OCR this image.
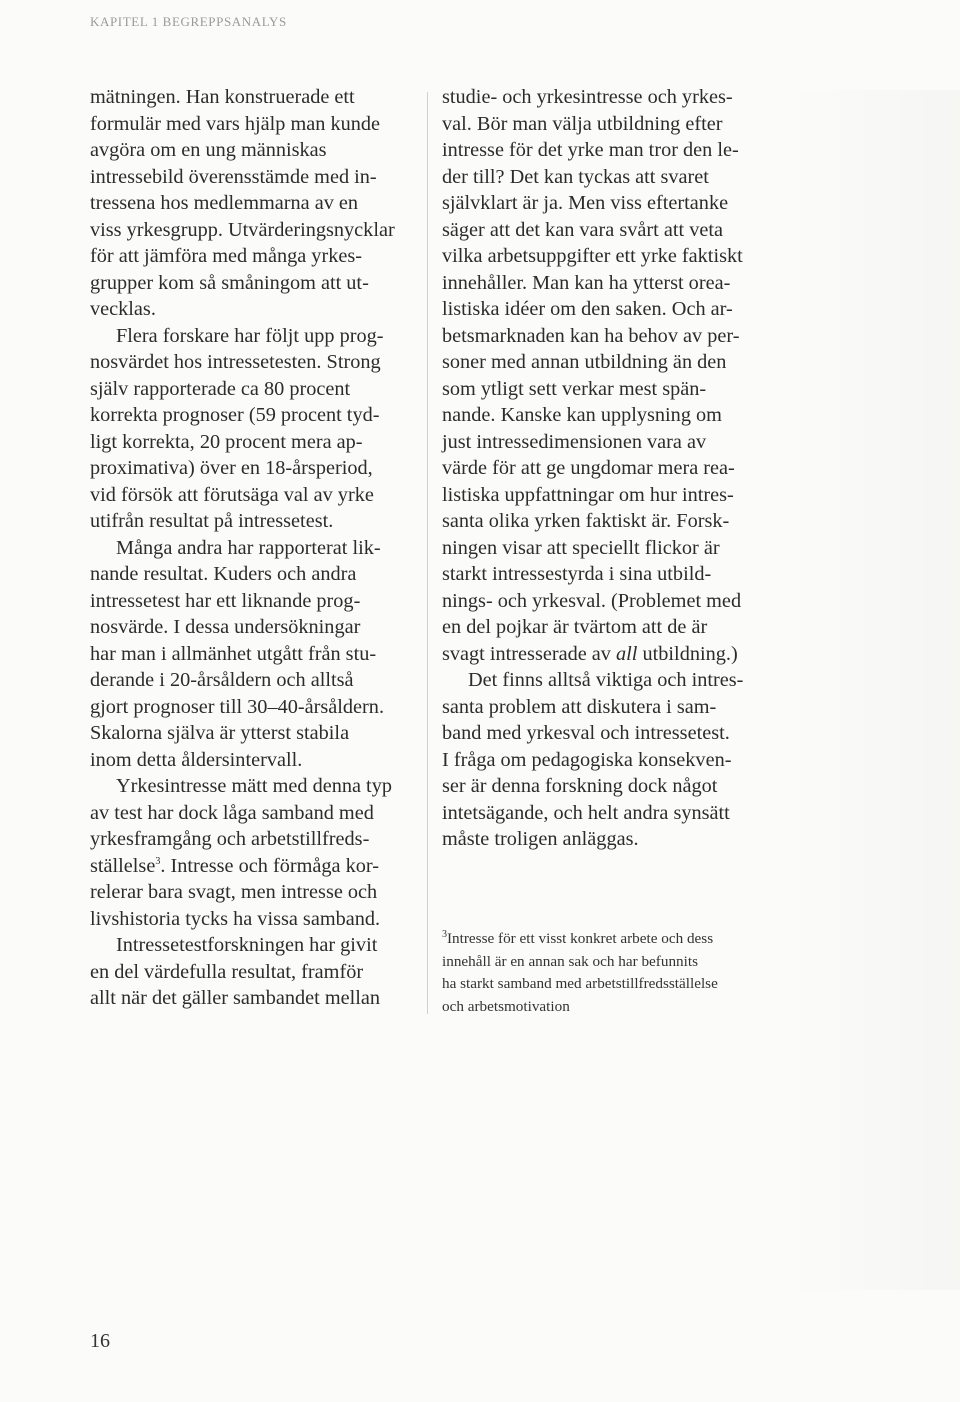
KAPITEL 1 BEGREPPSANALYS

mätningen. Han konstruerade ett
formulär med vars hjälp man kunde
avgöra om en ung människas
intressebild överensstämde med in-
tressena hos medlemmarna av en
viss yrkesgrupp. Utvärderingsnycklar
för att jämföra med många yrkes-
grupper kom så småningom att ut-
vecklas.

Flera forskare har följt upp prog-
nosvärdet hos intressetesten. Strong
själv rapporterade ca 80 procent
korrekta prognoser (59 procent tyd-
ligt korrekta, 20 procent mera ap-
proximativa) över en 18-årsperiod,
vid försök att förutsäga val av yrke
utifrån resultat på intressetest.

Många andra har rapporterat lik-
nande resultat. Kuders och andra
intressetest har ett liknande prog-
nosvärde. I dessa undersökningar
har man i allmänhet utgått från stu-
derande i 20-årsåldern och alltså
gjort prognoser till 30–40-årsåldern.
Skalorna själva är ytterst stabila
inom detta åldersintervall.

Yrkesintresse mätt med denna typ
av test har dock låga samband med
yrkesframgång och arbetstillfreds-
ställelse$^3$. Intresse och förmåga kor-
relerar bara svagt, men intresse och
livshistoria tycks ha vissa samband.

Intressetestforskningen har givit
en del värdefulla resultat, framför
allt när det gäller sambandet mellan

studie- och yrkesintresse och yrkes-
val. Bör man välja utbildning efter
intresse för det yrke man tror den le-
der till? Det kan tyckas att svaret
självklart är ja. Men viss eftertanke
säger att det kan vara svårt att veta
vilka arbetsuppgifter ett yrke faktiskt
innehåller. Man kan ha ytterst orea-
listiska idéer om den saken. Och ar-
betsmarknaden kan ha behov av per-
soner med annan utbildning än den
som ytligt sett verkar mest spän-
nande. Kanske kan upplysning om
just intressedimensionen vara av
värde för att ge ungdomar mera rea-
listiska uppfattningar om hur intres-
santa olika yrken faktiskt är. Forsk-
ningen visar att speciellt flickor är
starkt intressestyrda i sina utbild-
nings- och yrkesval. (Problemet med
en del pojkar är tvärtom att de är
svagt intresserade av all utbildning.)

Det finns alltså viktiga och intres-
santa problem att diskutera i sam-
band med yrkesval och intressetest.
I fråga om pedagogiska konsekven-
ser är denna forskning dock något
intetsägande, och helt andra synsätt
måste troligen anläggas.

$^3$Intresse för ett visst konkret arbete och dess
innehåll är en annan sak och har befunnits
ha starkt samband med arbetstillfredsställelse
och arbetsmotivation
16
